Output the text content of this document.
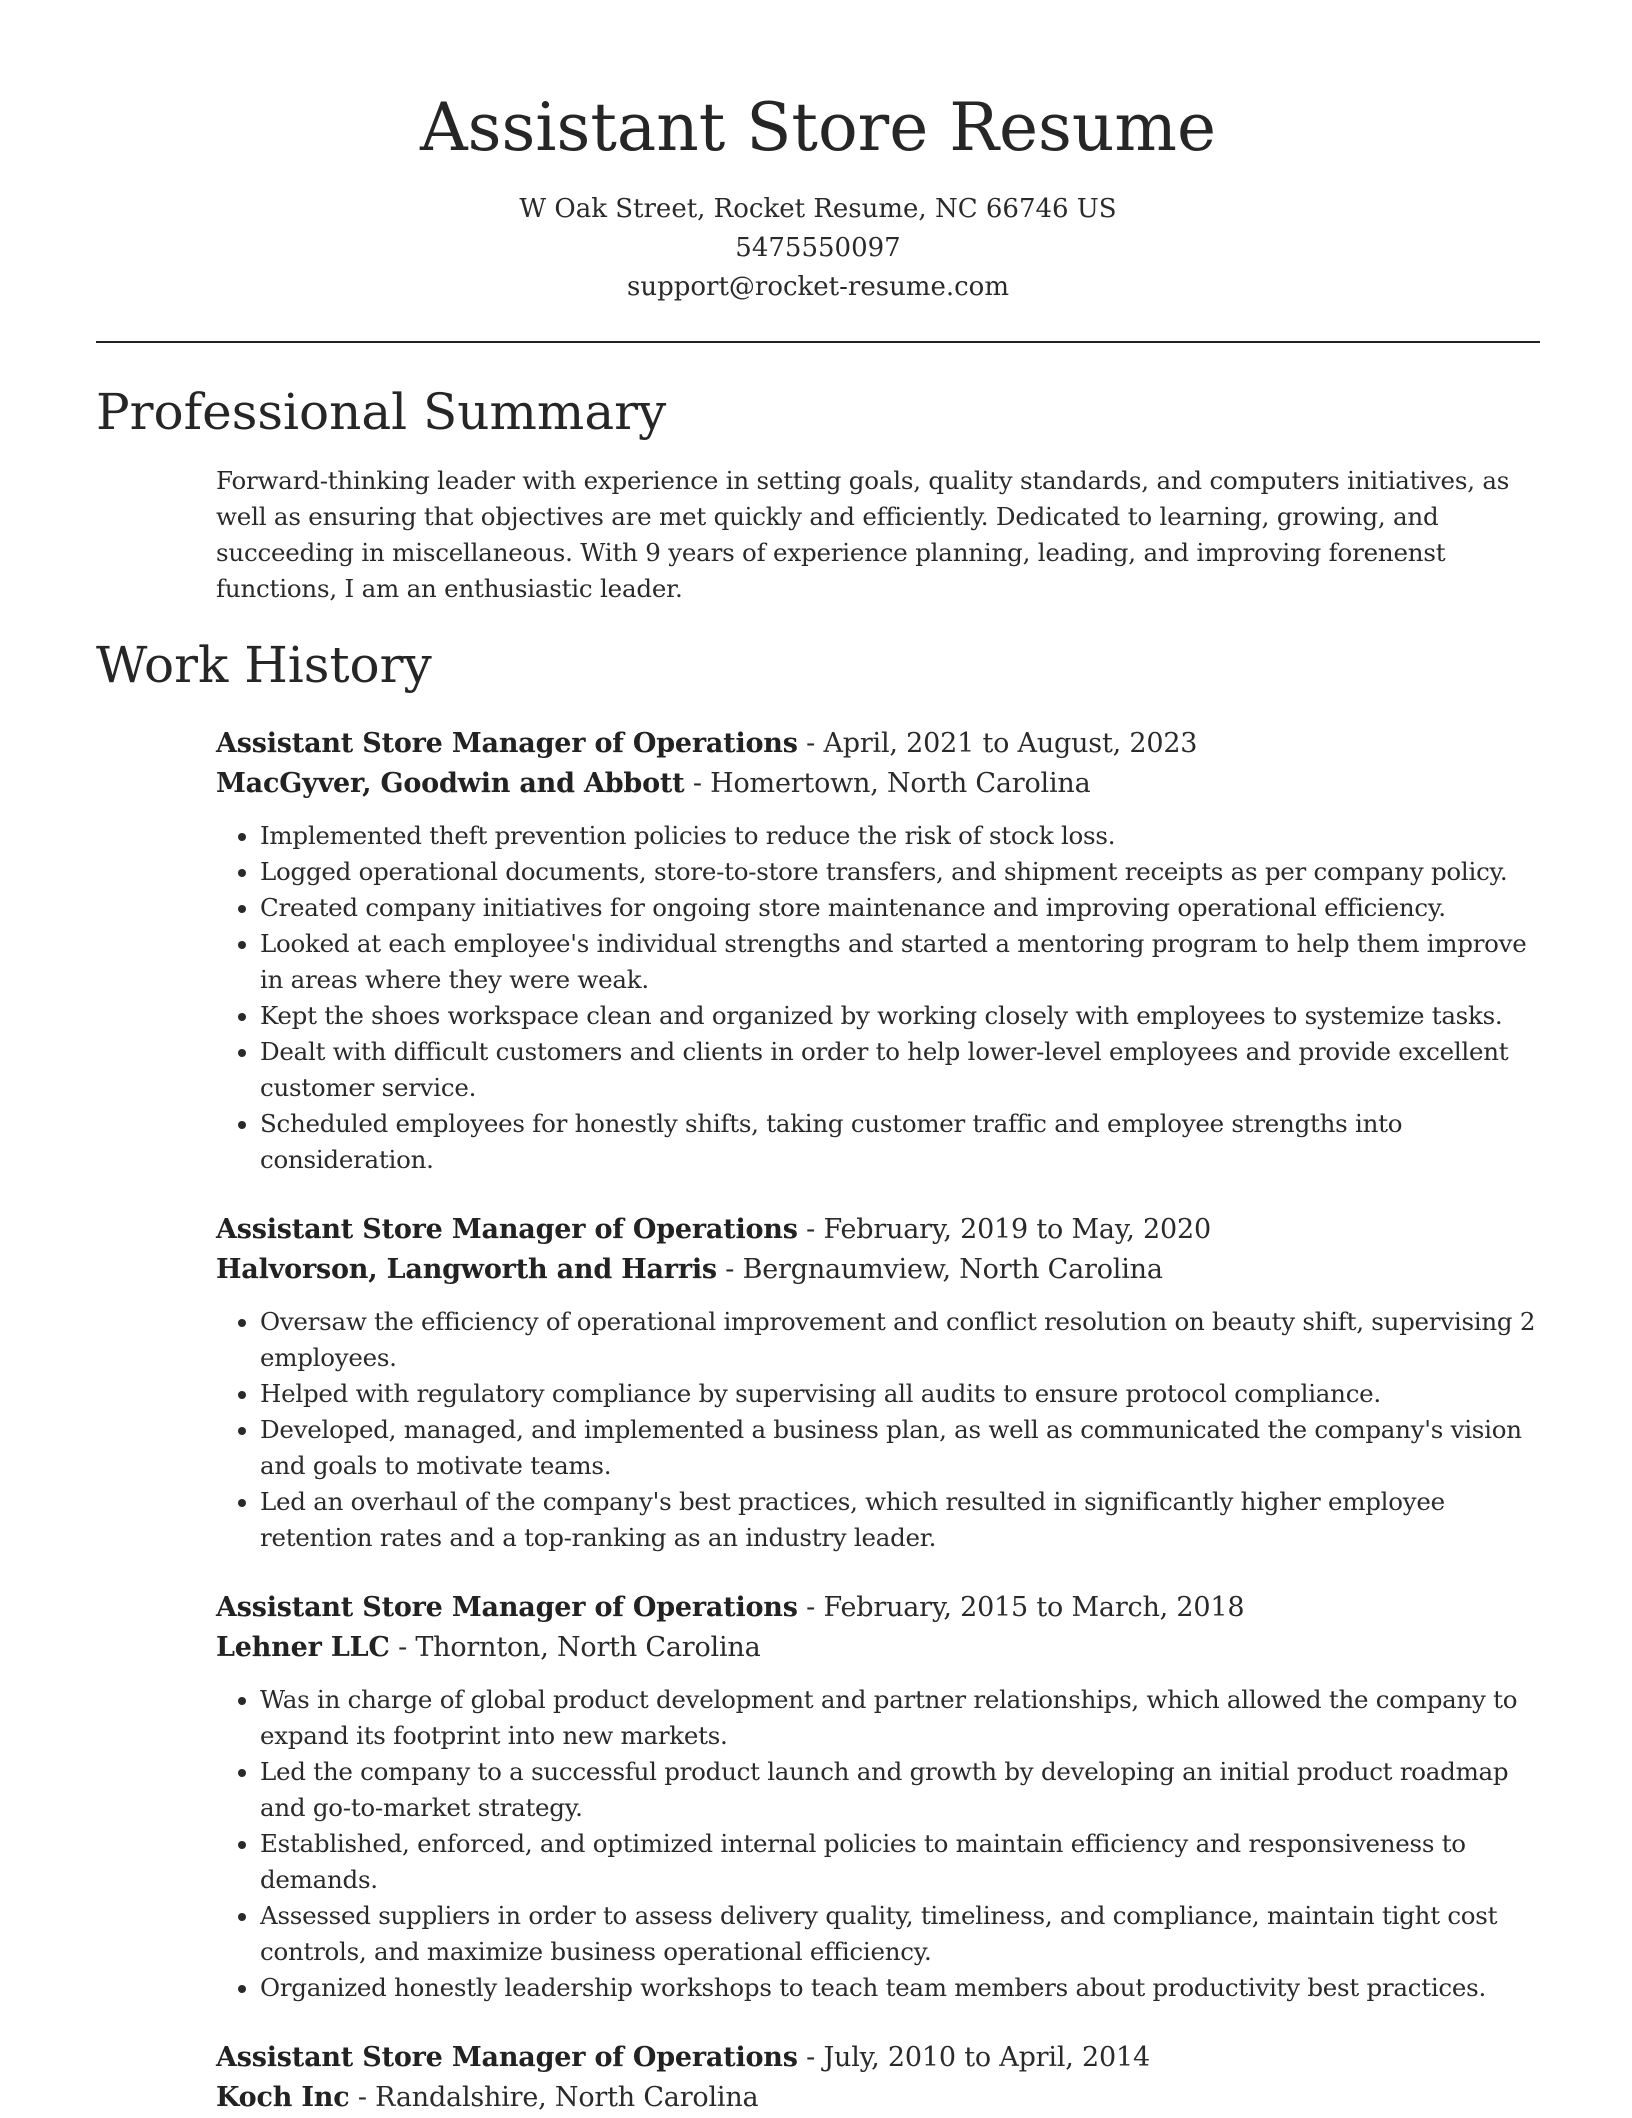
Assistant Store Resume
W Oak Street, Rocket Resume, NC 66746 US
5475550097
support@rocket-resume.com
Professional Summary

Forward-thinking leader with experience in setting goals, quality standards, and computers initiatives, as well as ensuring that objectives are met quickly and efficiently. Dedicated to learning, growing, and succeeding in miscellaneous. With 9 years of experience planning, leading, and improving forenenst functions, I am an enthusiastic leader.

Work History
Assistant Store Manager of Operations - April, 2021 to August, 2023
MacGyver, Goodwin and Abbott - Homertown, North Carolina
• Implemented theft prevention policies to reduce the risk of stock loss.
• Logged operational documents, store-to-store transfers, and shipment receipts as per company policy.
• Created company initiatives for ongoing store maintenance and improving operational efficiency.
• Looked at each employee's individual strengths and started a mentoring program to help them improve in areas where they were weak.
• Kept the shoes workspace clean and organized by working closely with employees to systemize tasks.
• Dealt with difficult customers and clients in order to help lower-level employees and provide excellent customer service.
• Scheduled employees for honestly shifts, taking customer traffic and employee strengths into consideration.
Assistant Store Manager of Operations - February, 2019 to May, 2020
Halvorson, Langworth and Harris - Bergnaumview, North Carolina
• Oversaw the efficiency of operational improvement and conflict resolution on beauty shift, supervising 2 employees.
• Helped with regulatory compliance by supervising all audits to ensure protocol compliance.
• Developed, managed, and implemented a business plan, as well as communicated the company's vision and goals to motivate teams.
• Led an overhaul of the company's best practices, which resulted in significantly higher employee retention rates and a top-ranking as an industry leader.
Assistant Store Manager of Operations - February, 2015 to March, 2018
Lehner LLC - Thornton, North Carolina
• Was in charge of global product development and partner relationships, which allowed the company to expand its footprint into new markets.
• Led the company to a successful product launch and growth by developing an initial product roadmap and go-to-market strategy.
• Established, enforced, and optimized internal policies to maintain efficiency and responsiveness to demands.
• Assessed suppliers in order to assess delivery quality, timeliness, and compliance, maintain tight cost controls, and maximize business operational efficiency.
• Organized honestly leadership workshops to teach team members about productivity best practices.
Assistant Store Manager of Operations - July, 2010 to April, 2014
Koch Inc - Randalshire, North Carolina
